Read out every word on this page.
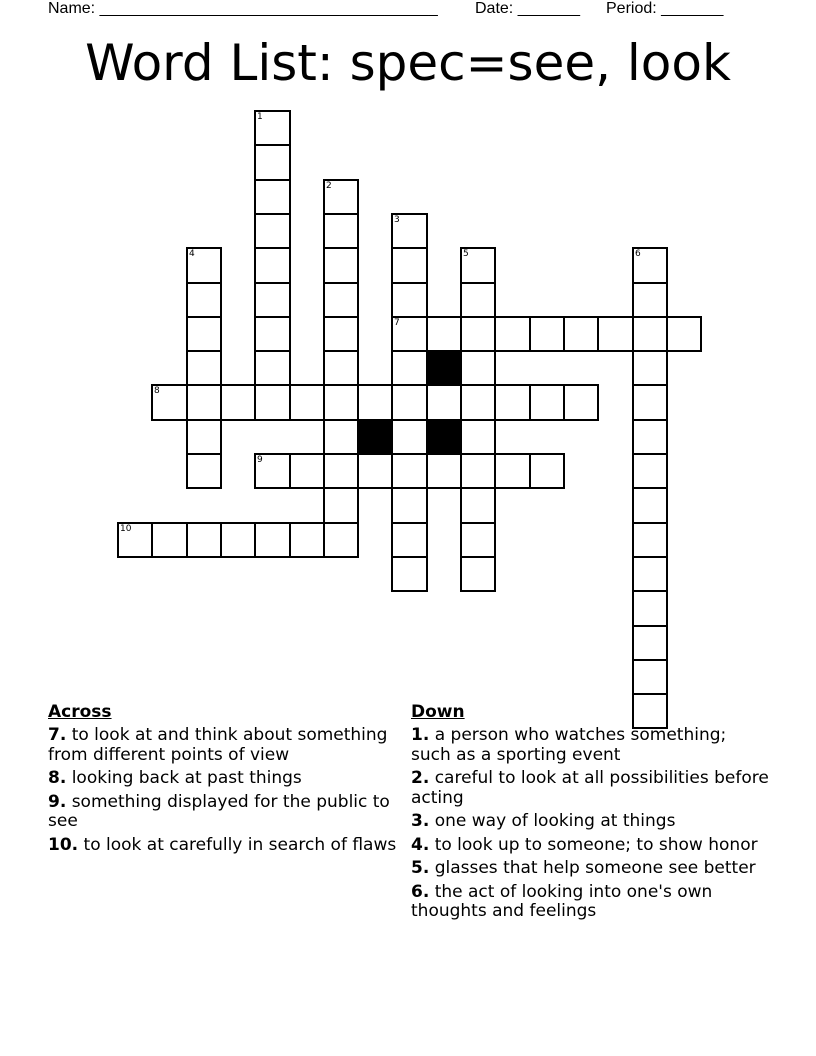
Name: ______________________________________ Date: _______ Period: _______
Word List: spec=see, look
1
2
3
7
4	5	6
8
9
10
Across
7. to look at and think about something from different points of view
8. looking back at past things
9. something displayed for the public to see
10. to look at carefully in search of flaws
Down
1. a person who watches something; such as a sporting event
2. careful to look at all possibilities before acting
3. one way of looking at things
4. to look up to someone; to show honor
5. glasses that help someone see better
6. the act of looking into one's own thoughts and feelings
